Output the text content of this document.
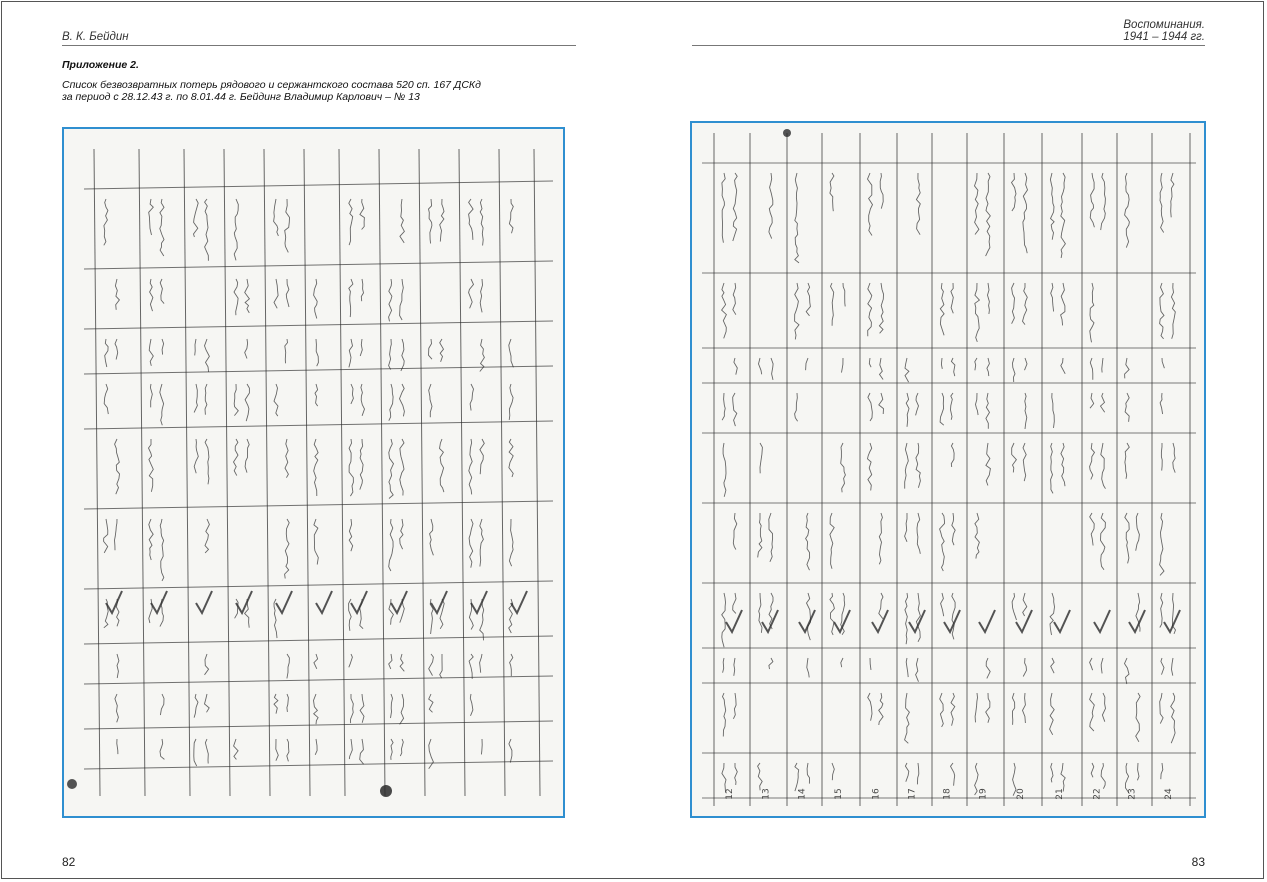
В. К. Бейдин
Приложение 2.
Список безвозвратных потерь рядового и сержантского состава 520 сп. 167 ДСКд
за период с 28.12.43 г. по 8.01.44 г. Бейдинг Владимир Карлович – № 13
82
Воспоминания.
1941 – 1944 гг.
12	13	14	15	16	17	18	19	20	21	22	23	24
83
